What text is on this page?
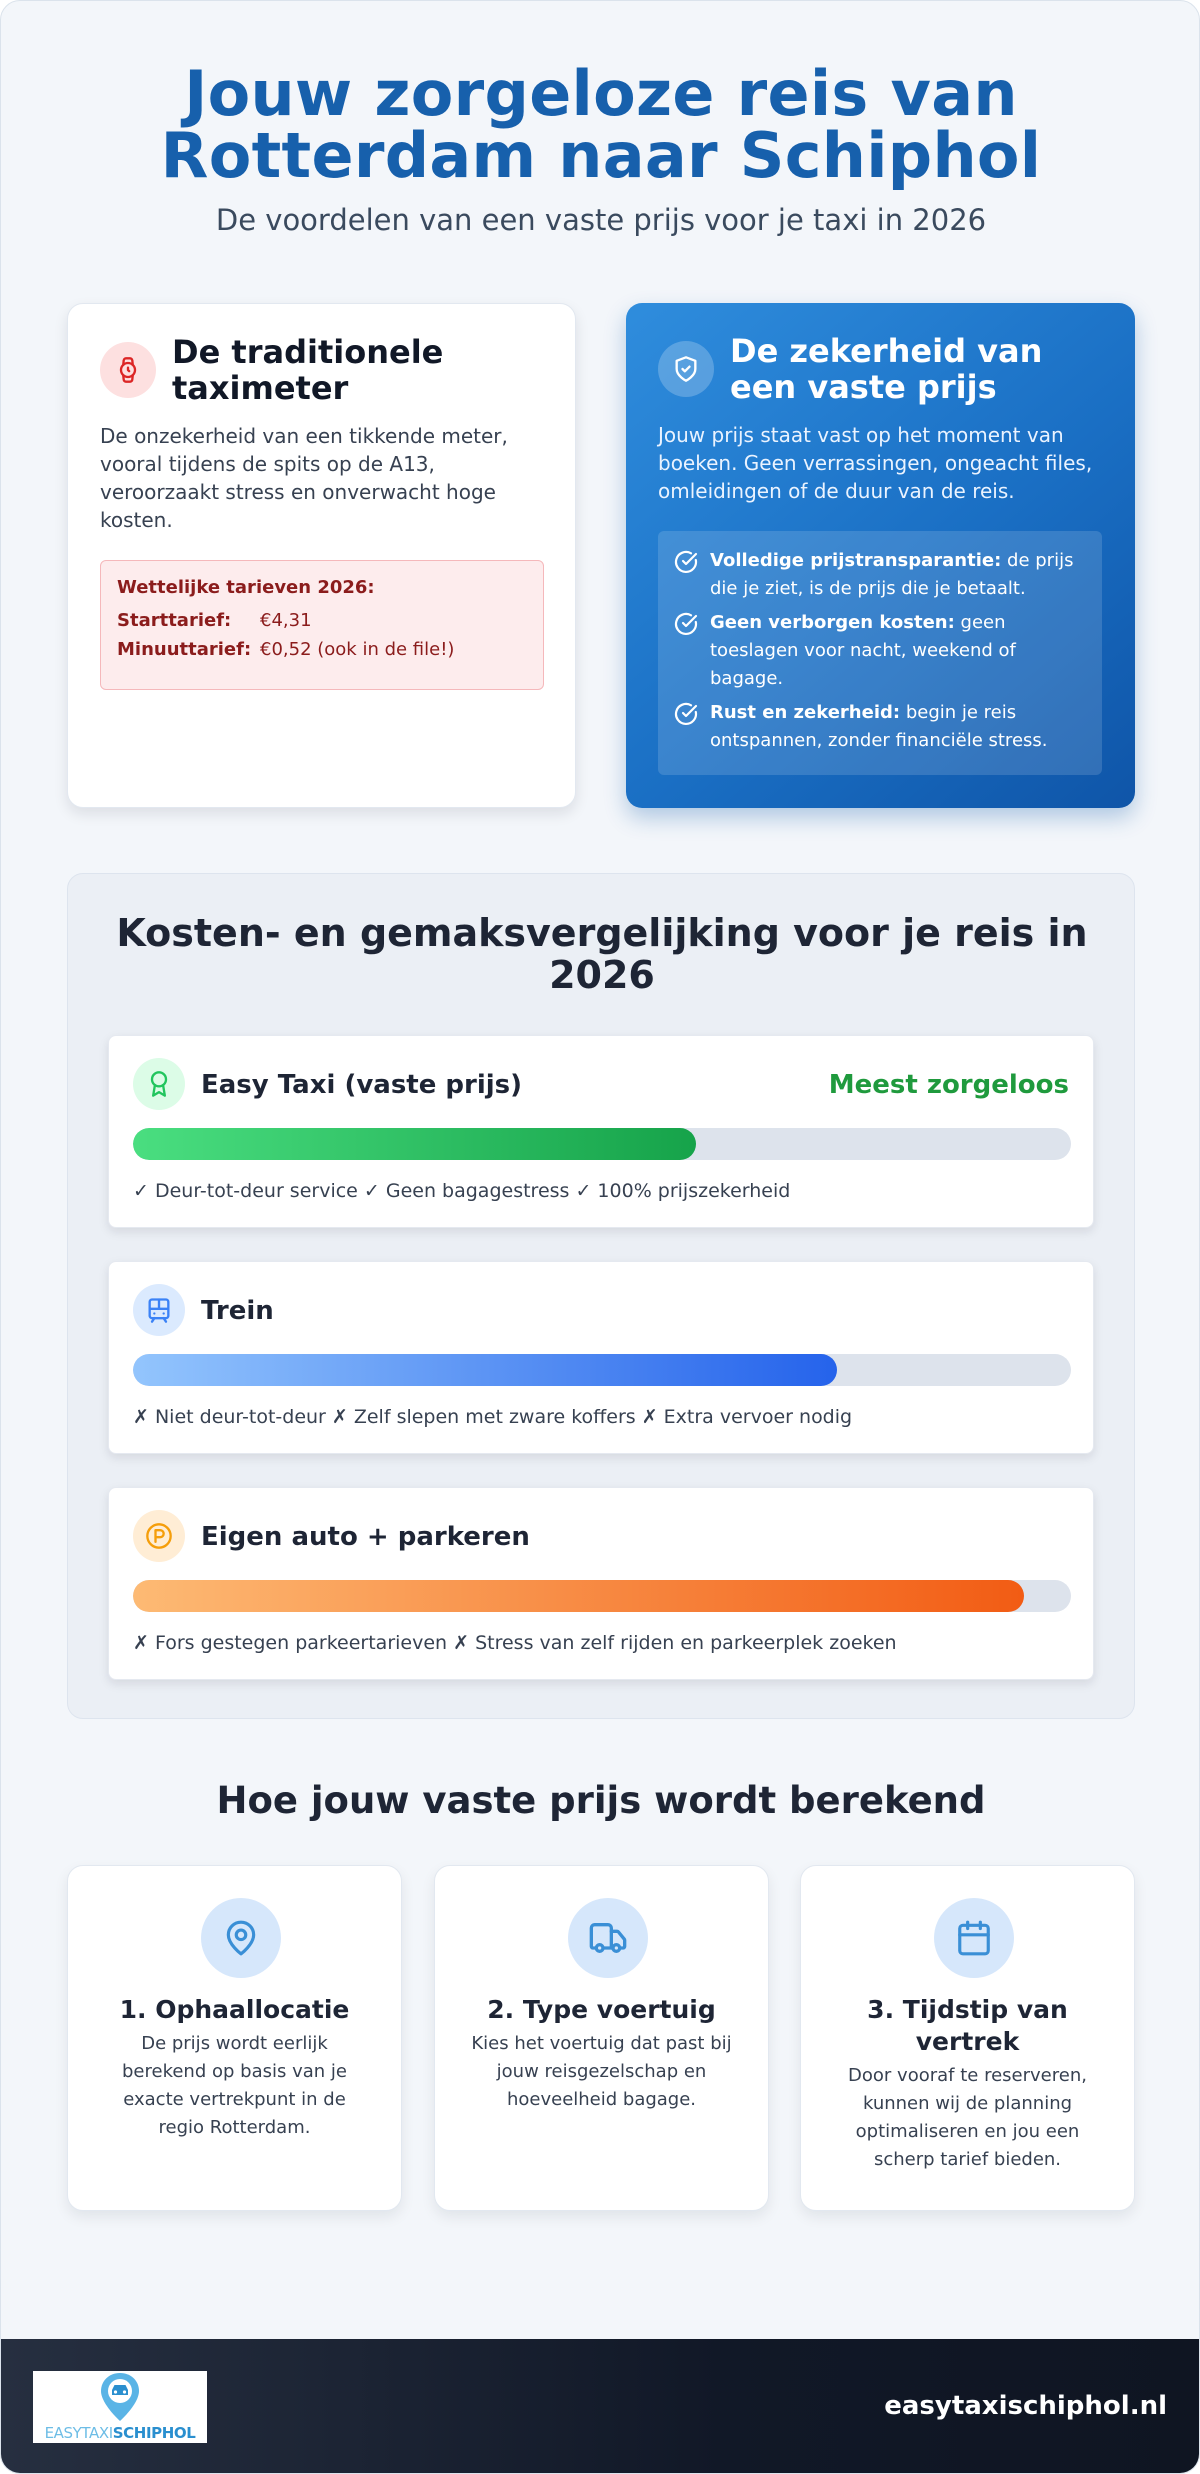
Jouw zorgeloze reis van
Rotterdam naar Schiphol

De voordelen van een vaste prijs voor je taxi in 2026

De traditionele taximeter
De onzekerheid van een tikkende meter, vooral tijdens de spits op de A13, veroorzaakt stress en onverwacht hoge kosten.
Wettelijke tarieven 2026:
Starttarief:	€4,31
Minuuttarief: €0,52 (ook in de file!)
De zekerheid van een vaste prijs
Jouw prijs staat vast op het moment van boeken. Geen verrassingen, ongeacht files, omleidingen of de duur van de reis.
Volledige prijstransparantie: de prijs die je ziet, is de prijs die je betaalt.
Geen verborgen kosten: geen toeslagen voor nacht, weekend of bagage.
Rust en zekerheid: begin je reis ontspannen, zonder financiële stress.
Kosten- en gemaksvergelijking voor je reis in 2026
Easy Taxi (vaste prijs)	Meest zorgeloos
✓ Deur-tot-deur service ✓ Geen bagagestress ✓ 100% prijszekerheid
Trein
✗ Niet deur-tot-deur ✗ Zelf slepen met zware koffers ✗ Extra vervoer nodig
Eigen auto + parkeren
✗ Fors gestegen parkeertarieven ✗ Stress van zelf rijden en parkeerplek zoeken
Hoe jouw vaste prijs wordt berekend
1. Ophaallocatie

De prijs wordt eerlijk berekend op basis van je exacte vertrekpunt in de regio Rotterdam.

2. Type voertuig

Kies het voertuig dat past bij jouw reisgezelschap en hoeveelheid bagage.

3. Tijdstip van vertrek

Door vooraf te reserveren, kunnen wij de planning optimaliseren en jou een scherp tarief bieden.

EASYTAXISCHIPHOL
easytaxischiphol.nl
